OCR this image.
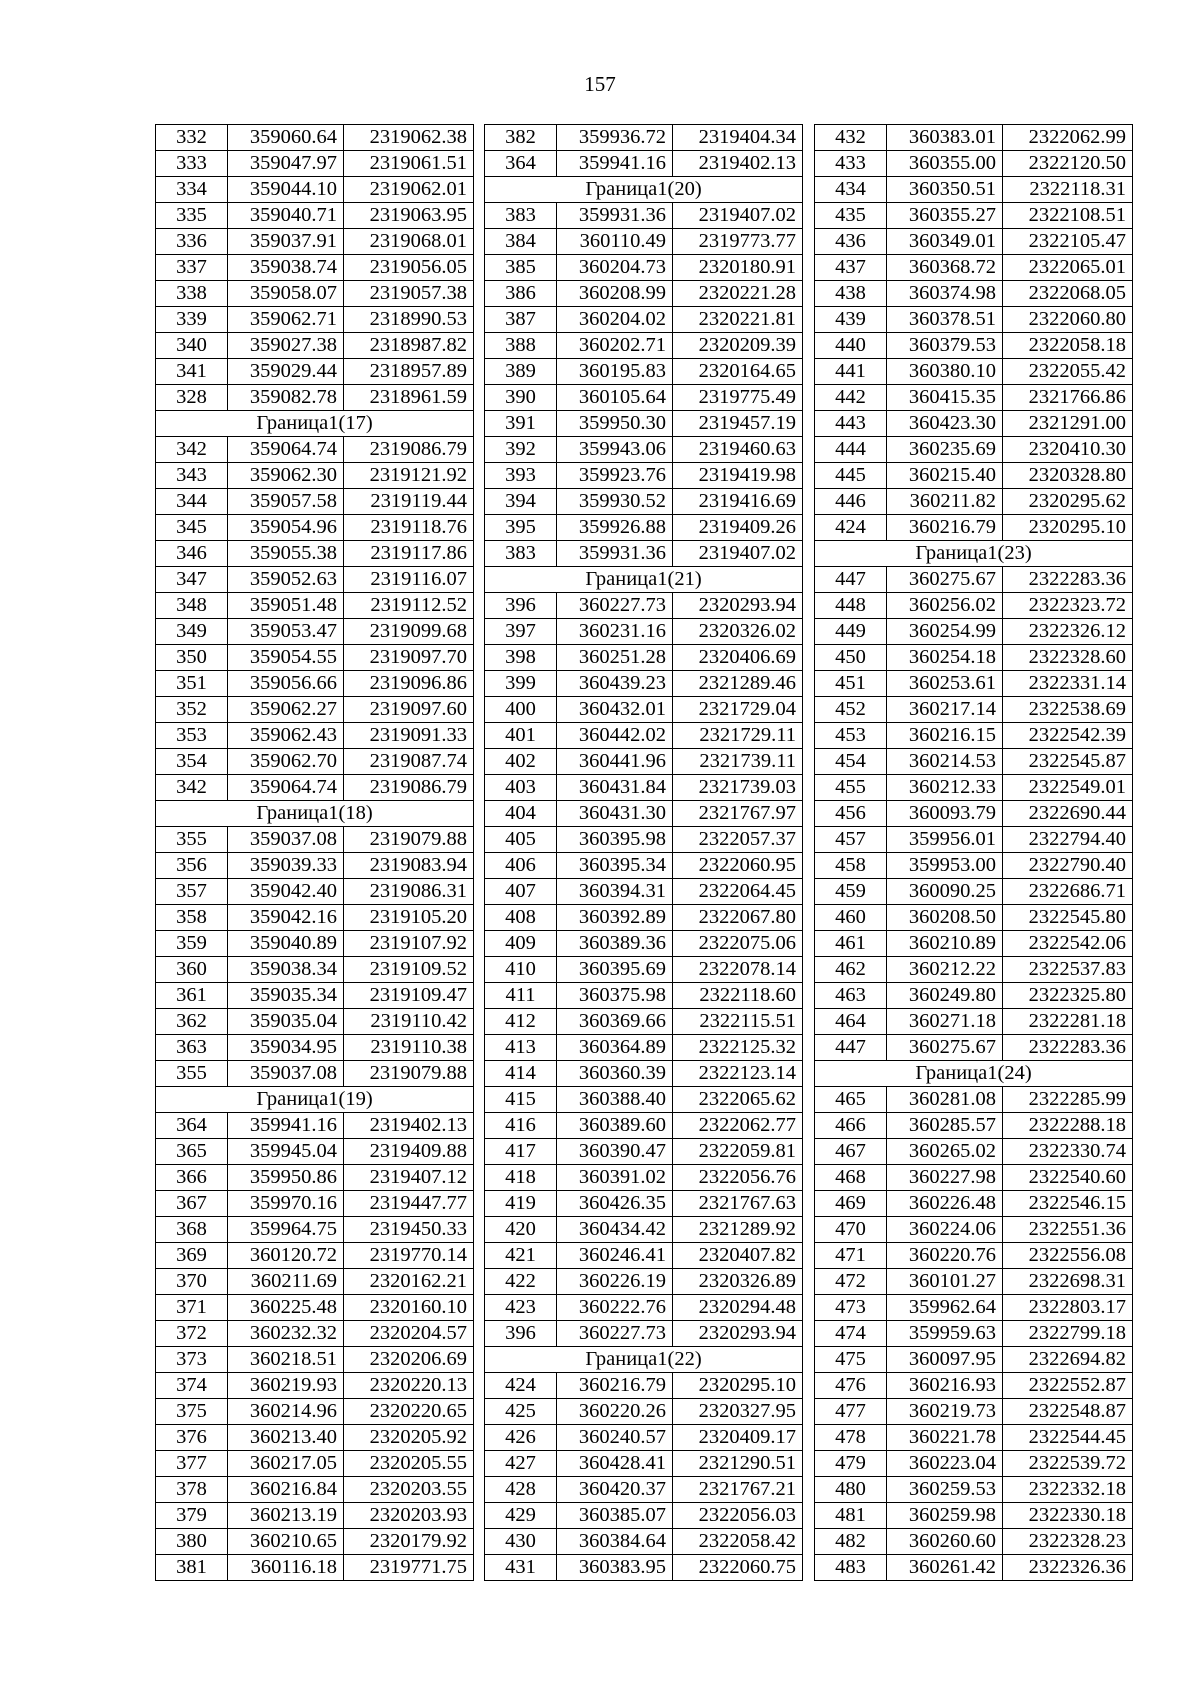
157
332	359060.64	2319062.38
333	359047.97	2319061.51
334	359044.10	2319062.01
335	359040.71	2319063.95
336	359037.91	2319068.01
337	359038.74	2319056.05
338	359058.07	2319057.38
339	359062.71	2318990.53
340	359027.38	2318987.82
341	359029.44	2318957.89
328	359082.78	2318961.59
Граница1(17)		
342	359064.74	2319086.79
343	359062.30	2319121.92
344	359057.58	2319119.44
345	359054.96	2319118.76
346	359055.38	2319117.86
347	359052.63	2319116.07
348	359051.48	2319112.52
349	359053.47	2319099.68
350	359054.55	2319097.70
351	359056.66	2319096.86
352	359062.27	2319097.60
353	359062.43	2319091.33
354	359062.70	2319087.74
342	359064.74	2319086.79
Граница1(18)		
355	359037.08	2319079.88
356	359039.33	2319083.94
357	359042.40	2319086.31
358	359042.16	2319105.20
359	359040.89	2319107.92
360	359038.34	2319109.52
361	359035.34	2319109.47
362	359035.04	2319110.42
363	359034.95	2319110.38
355	359037.08	2319079.88
Граница1(19)		
364	359941.16	2319402.13
365	359945.04	2319409.88
366	359950.86	2319407.12
367	359970.16	2319447.77
368	359964.75	2319450.33
369	360120.72	2319770.14
370	360211.69	2320162.21
371	360225.48	2320160.10
372	360232.32	2320204.57
373	360218.51	2320206.69
374	360219.93	2320220.13
375	360214.96	2320220.65
376	360213.40	2320205.92
377	360217.05	2320205.55
378	360216.84	2320203.55
379	360213.19	2320203.93
380	360210.65	2320179.92
381	360116.18	2319771.75
382	359936.72	2319404.34
364	359941.16	2319402.13
Граница1(20)		
383	359931.36	2319407.02
384	360110.49	2319773.77
385	360204.73	2320180.91
386	360208.99	2320221.28
387	360204.02	2320221.81
388	360202.71	2320209.39
389	360195.83	2320164.65
390	360105.64	2319775.49
391	359950.30	2319457.19
392	359943.06	2319460.63
393	359923.76	2319419.98
394	359930.52	2319416.69
395	359926.88	2319409.26
383	359931.36	2319407.02
Граница1(21)		
396	360227.73	2320293.94
397	360231.16	2320326.02
398	360251.28	2320406.69
399	360439.23	2321289.46
400	360432.01	2321729.04
401	360442.02	2321729.11
402	360441.96	2321739.11
403	360431.84	2321739.03
404	360431.30	2321767.97
405	360395.98	2322057.37
406	360395.34	2322060.95
407	360394.31	2322064.45
408	360392.89	2322067.80
409	360389.36	2322075.06
410	360395.69	2322078.14
411	360375.98	2322118.60
412	360369.66	2322115.51
413	360364.89	2322125.32
414	360360.39	2322123.14
415	360388.40	2322065.62
416	360389.60	2322062.77
417	360390.47	2322059.81
418	360391.02	2322056.76
419	360426.35	2321767.63
420	360434.42	2321289.92
421	360246.41	2320407.82
422	360226.19	2320326.89
423	360222.76	2320294.48
396	360227.73	2320293.94
Граница1(22)		
424	360216.79	2320295.10
425	360220.26	2320327.95
426	360240.57	2320409.17
427	360428.41	2321290.51
428	360420.37	2321767.21
429	360385.07	2322056.03
430	360384.64	2322058.42
431	360383.95	2322060.75
432	360383.01	2322062.99
433	360355.00	2322120.50
434	360350.51	2322118.31
435	360355.27	2322108.51
436	360349.01	2322105.47
437	360368.72	2322065.01
438	360374.98	2322068.05
439	360378.51	2322060.80
440	360379.53	2322058.18
441	360380.10	2322055.42
442	360415.35	2321766.86
443	360423.30	2321291.00
444	360235.69	2320410.30
445	360215.40	2320328.80
446	360211.82	2320295.62
424	360216.79	2320295.10
Граница1(23)		
447	360275.67	2322283.36
448	360256.02	2322323.72
449	360254.99	2322326.12
450	360254.18	2322328.60
451	360253.61	2322331.14
452	360217.14	2322538.69
453	360216.15	2322542.39
454	360214.53	2322545.87
455	360212.33	2322549.01
456	360093.79	2322690.44
457	359956.01	2322794.40
458	359953.00	2322790.40
459	360090.25	2322686.71
460	360208.50	2322545.80
461	360210.89	2322542.06
462	360212.22	2322537.83
463	360249.80	2322325.80
464	360271.18	2322281.18
447	360275.67	2322283.36
Граница1(24)		
465	360281.08	2322285.99
466	360285.57	2322288.18
467	360265.02	2322330.74
468	360227.98	2322540.60
469	360226.48	2322546.15
470	360224.06	2322551.36
471	360220.76	2322556.08
472	360101.27	2322698.31
473	359962.64	2322803.17
474	359959.63	2322799.18
475	360097.95	2322694.82
476	360216.93	2322552.87
477	360219.73	2322548.87
478	360221.78	2322544.45
479	360223.04	2322539.72
480	360259.53	2322332.18
481	360259.98	2322330.18
482	360260.60	2322328.23
483	360261.42	2322326.36
